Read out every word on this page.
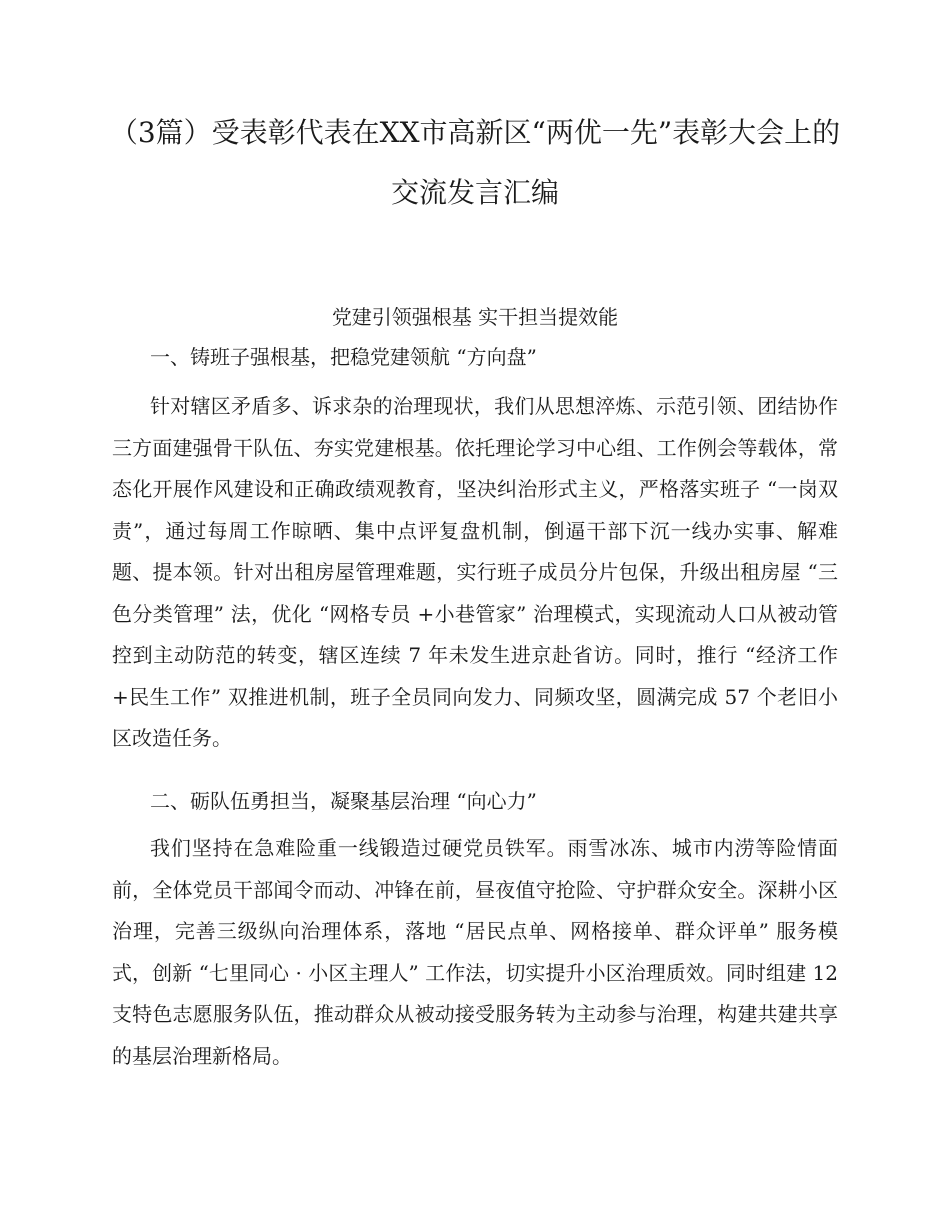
（3篇）受表彰代表在XX市高新区“两优一先”表彰大会上的交流发言汇编
党建引领强根基 实干担当提效能
一、铸班子强根基，把稳党建领航 “方向盘”

针对辖区矛盾多、诉求杂的治理现状，我们从思想淬炼、示范引领、团结协作三方面建强骨干队伍、夯实党建根基。依托理论学习中心组、工作例会等载体，常态化开展作风建设和正确政绩观教育，坚决纠治形式主义，严格落实班子 “一岗双责”，通过每周工作晾晒、集中点评复盘机制，倒逼干部下沉一线办实事、解难题、提本领。针对出租房屋管理难题，实行班子成员分片包保，升级出租房屋 “三色分类管理” 法，优化 “网格专员 +小巷管家” 治理模式，实现流动人口从被动管控到主动防范的转变，辖区连续 7 年未发生进京赴省访。同时，推行 “经济工作+民生工作” 双推进机制，班子全员同向发力、同频攻坚，圆满完成 57 个老旧小区改造任务。

二、砺队伍勇担当，凝聚基层治理 “向心力”

我们坚持在急难险重一线锻造过硬党员铁军。雨雪冰冻、城市内涝等险情面前，全体党员干部闻令而动、冲锋在前，昼夜值守抢险、守护群众安全。深耕小区治理，完善三级纵向治理体系，落地 “居民点单、网格接单、群众评单” 服务模式，创新 “七里同心 · 小区主理人” 工作法，切实提升小区治理质效。同时组建 12 支特色志愿服务队伍，推动群众从被动接受服务转为主动参与治理，构建共建共享的基层治理新格局。
